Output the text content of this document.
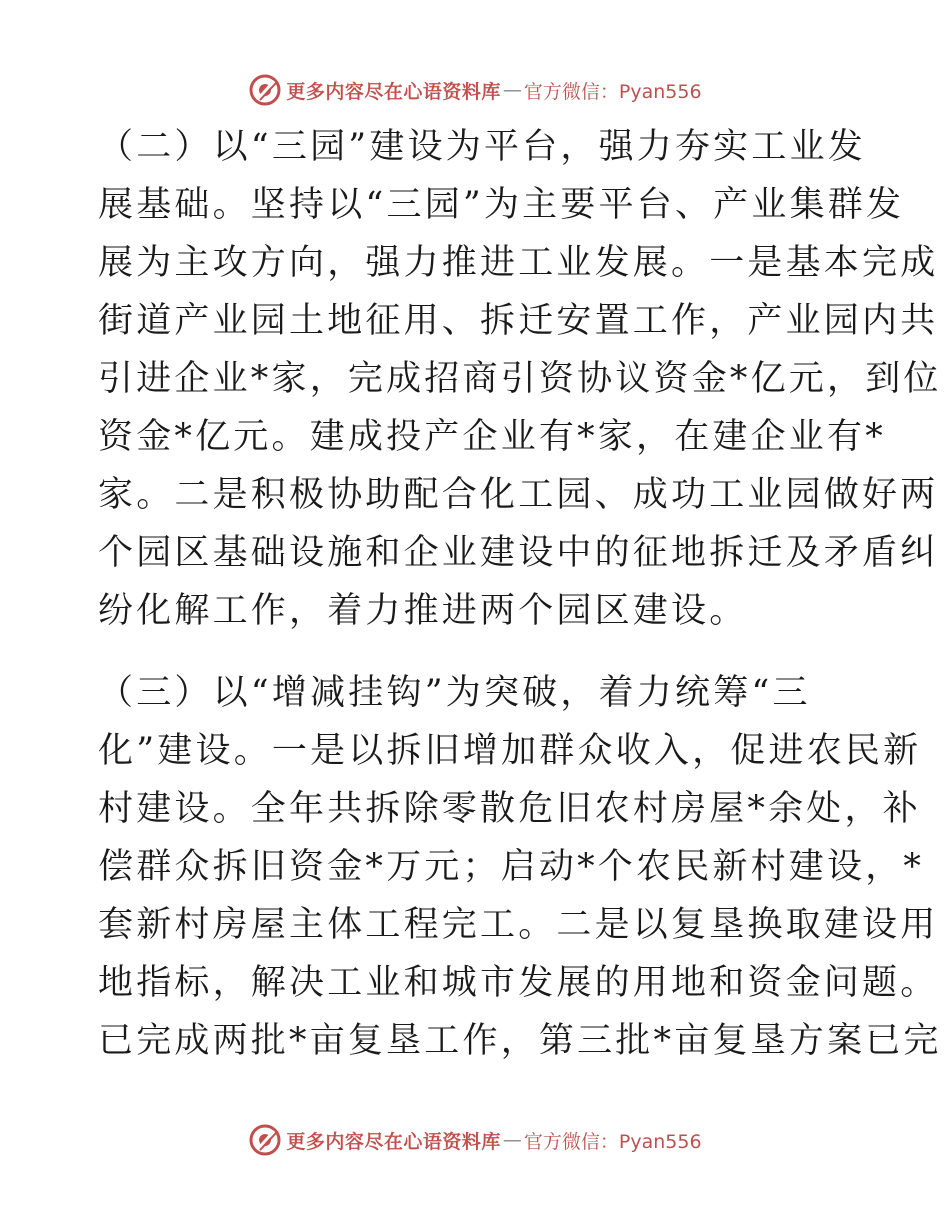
更多内容尽在心语资料库 — 官方微信：Pyan556

（二）以“三园”建设为平台，强力夯实工业发
展基础。坚持以“三园”为主要平台、产业集群发
展为主攻方向，强力推进工业发展。一是基本完成
街道产业园土地征用、拆迁安置工作，产业园内共
引进企业*家，完成招商引资协议资金*亿元，到位
资金*亿元。建成投产企业有*家，在建企业有*
家。二是积极协助配合化工园、成功工业园做好两
个园区基础设施和企业建设中的征地拆迁及矛盾纠
纷化解工作，着力推进两个园区建设。

（三）以“增减挂钩”为突破，着力统筹“三
化”建设。一是以拆旧增加群众收入，促进农民新
村建设。全年共拆除零散危旧农村房屋*余处，补
偿群众拆旧资金*万元；启动*个农民新村建设，*
套新村房屋主体工程完工。二是以复垦换取建设用
地指标，解决工业和城市发展的用地和资金问题。
已完成两批*亩复垦工作，第三批*亩复垦方案已完

更多内容尽在心语资料库 — 官方微信：Pyan556
